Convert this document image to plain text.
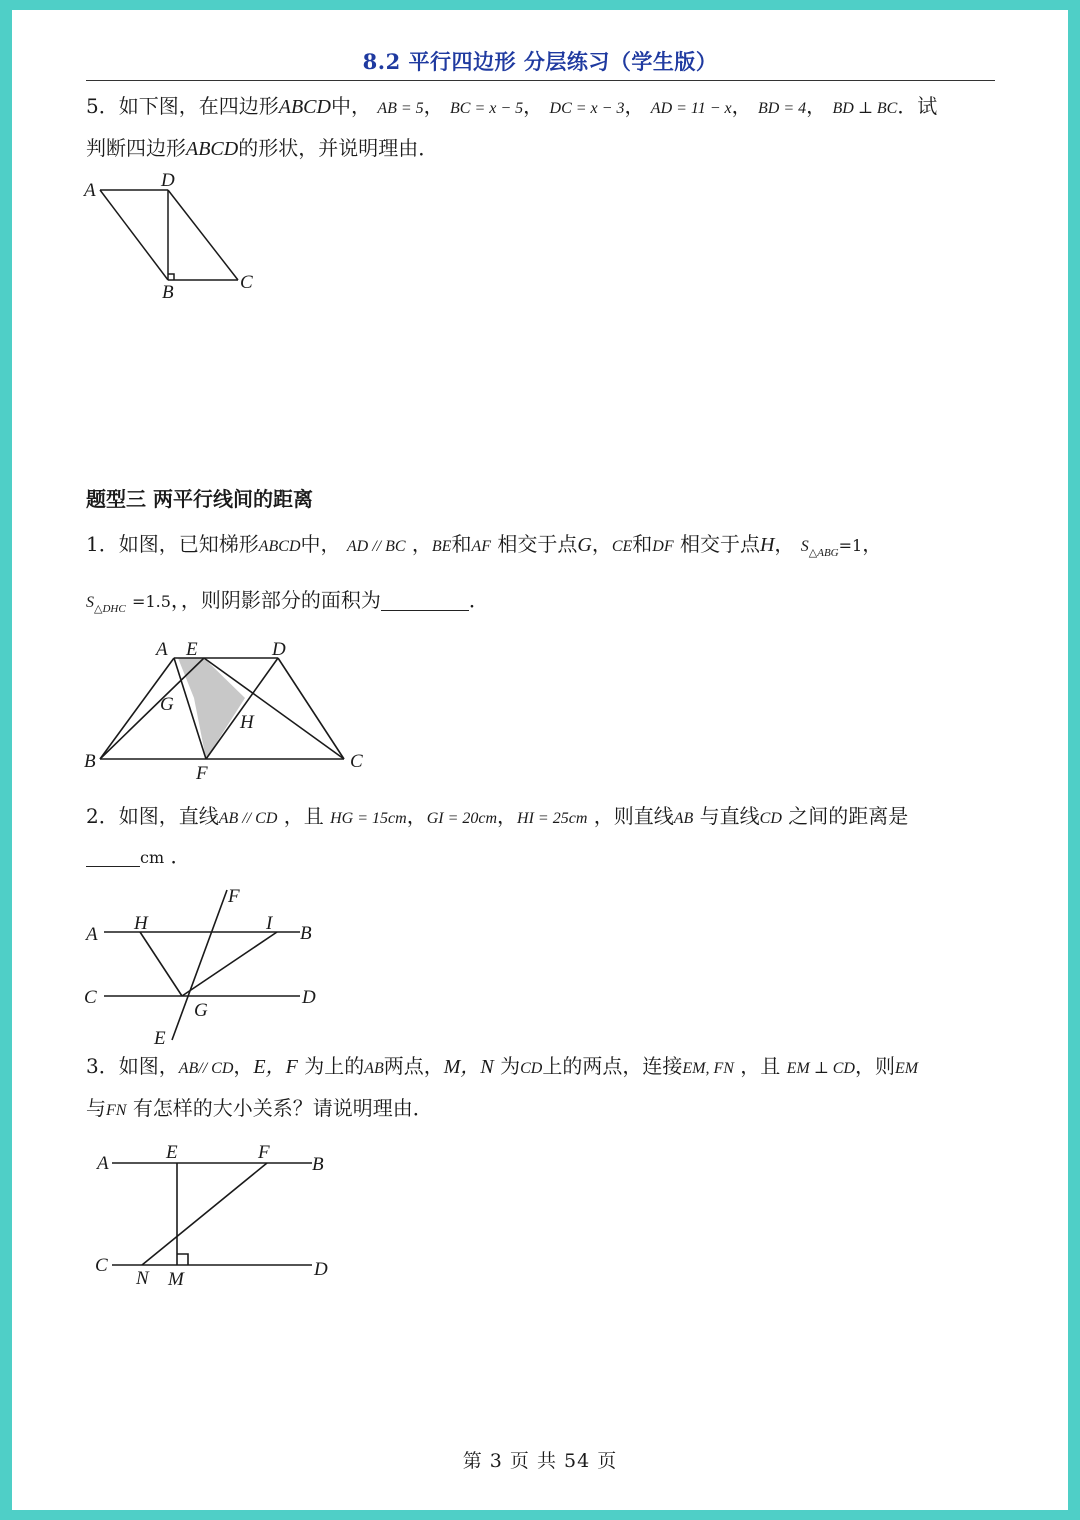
8.2 平行四边形 分层练习（学生版）
5．如下图，在四边形ABCD中， AB = 5， BC = x − 5， DC = x − 3， AD = 11 − x， BD = 4， BD ⊥ BC．试
判断四边形ABCD的形状，并说明理由．
A	D
B	C
题型三 两平行线间的距离
1．如图，已知梯形ABCD中， AD // BC ，BE和AF 相交于点G，CE和DF 相交于点H， $S_{\triangle ABG}=1$，
$S_{\triangle DHC} =1.5$，，则阴影部分的面积为	．
A E	D
G
H
B
F
C
2．如图，直线AB // CD ，且 HG = 15cm，GI = 20cm，HI = 25cm ，则直线AB 与直线CD 之间的距离是
cm ．
F
A
H	I B
C
G
D
E
3．如图，AB// CD，E，F 为上的AB两点，M，N 为CD上的两点，连接EM, FN ，且 EM ⊥ CD，则EM
与FN 有怎样的大小关系？请说明理由．
A
E	F
B
C
N M	D
第 3 页 共 54 页
